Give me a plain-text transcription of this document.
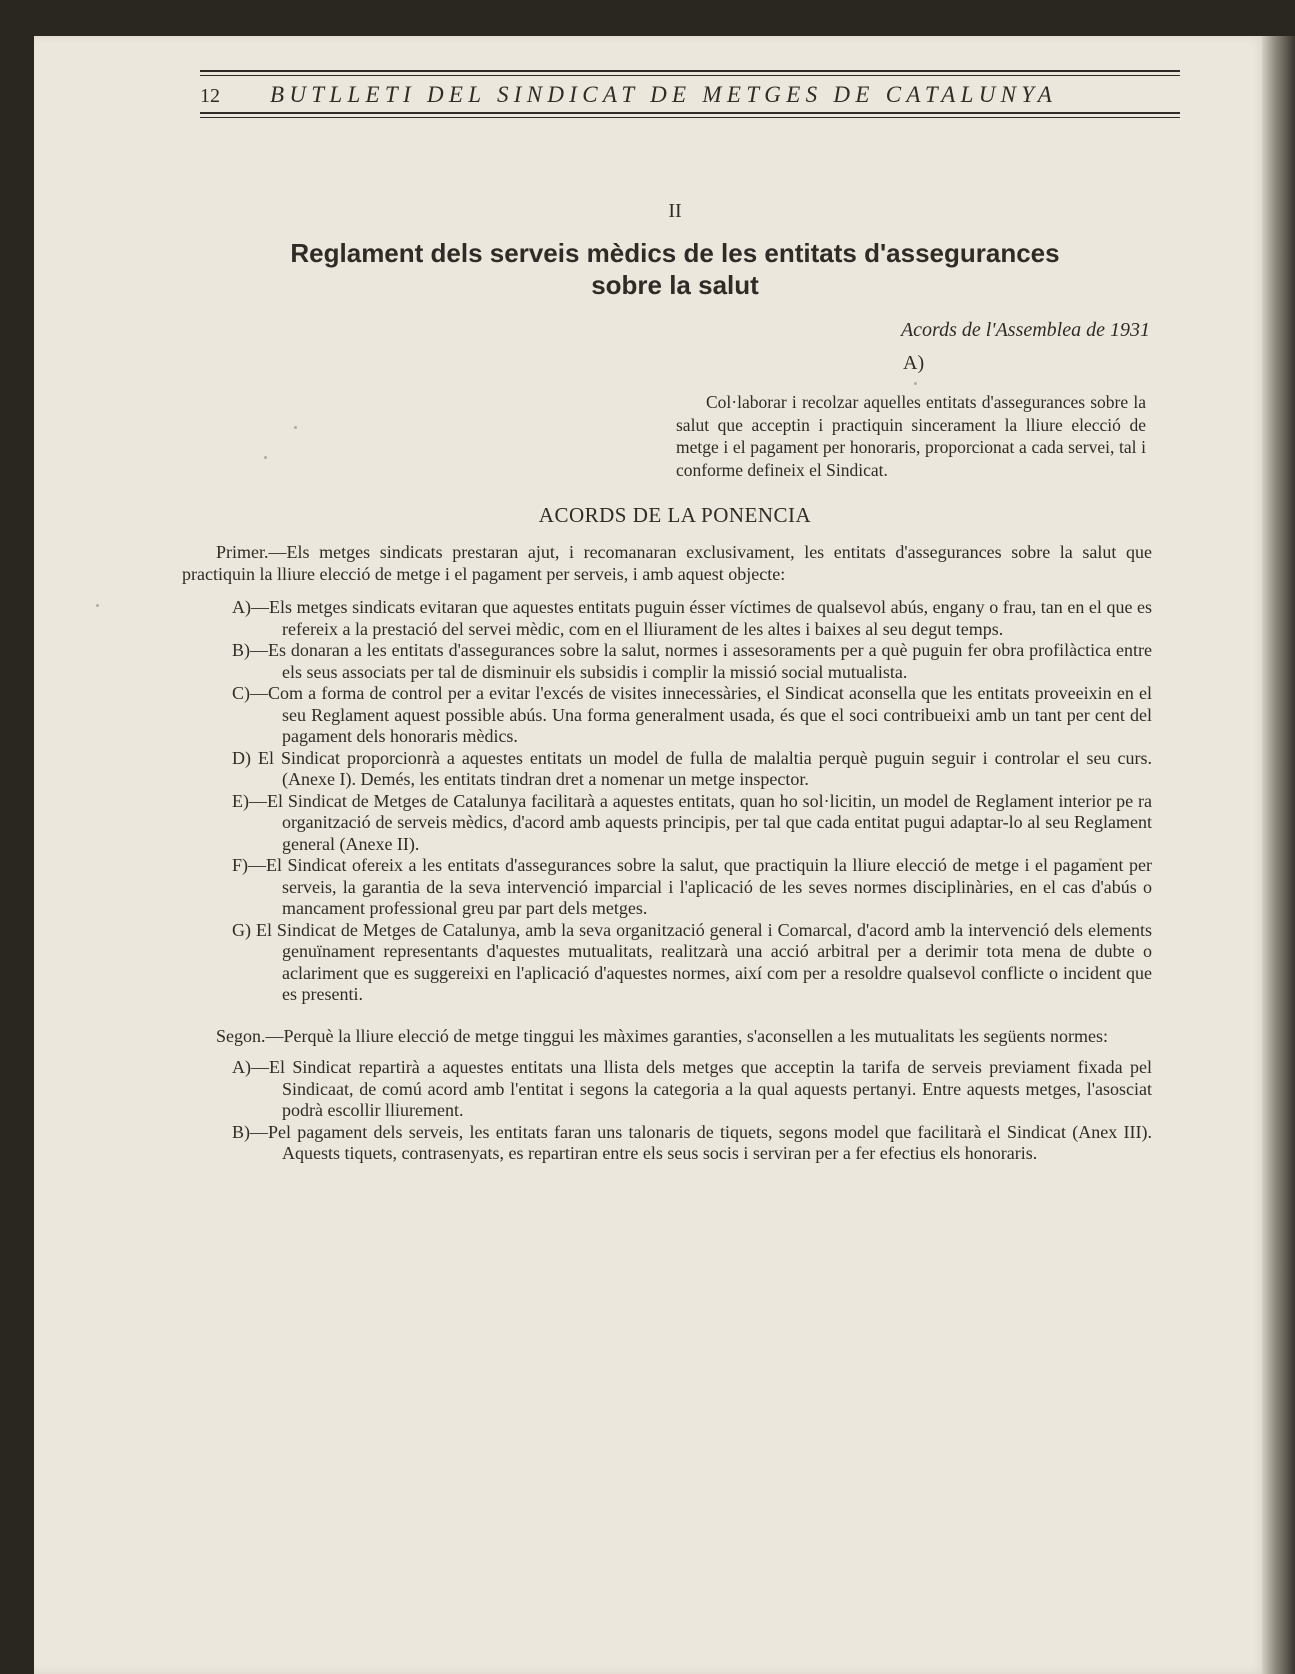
12	BUTLLETI DEL SINDICAT DE METGES DE CATALUNYA
II
Reglament dels serveis mèdics de les entitats d'assegurances
sobre la salut
Acords de l'Assemblea de 1931
A)
Col·laborar i recolzar aquelles entitats d'assegurances sobre la salut que acceptin i practiquin sincerament la lliure elecció de metge i el pagament per honoraris, proporcionat a cada servei, tal i conforme defineix el Sindicat.
ACORDS DE LA PONENCIA
Primer.—Els metges sindicats prestaran ajut, i recomanaran exclusivament, les entitats d'assegurances sobre la salut que practiquin la lliure elecció de metge i el pagament per serveis, i amb aquest objecte:
A)—Els metges sindicats evitaran que aquestes entitats puguin ésser víctimes de qualsevol abús, engany o frau, tan en el que es refereix a la prestació del servei mèdic, com en el lliurament de les altes i baixes al seu degut temps.
B)—Es donaran a les entitats d'assegurances sobre la salut, normes i assesoraments per a què puguin fer obra profilàctica entre els seus associats per tal de disminuir els subsidis i complir la missió social mutualista.
C)—Com a forma de control per a evitar l'excés de visites innecessàries, el Sindicat aconsella que les entitats proveeixin en el seu Reglament aquest possible abús. Una forma generalment usada, és que el soci contribueixi amb un tant per cent del pagament dels honoraris mèdics.
D) El Sindicat proporcionrà a aquestes entitats un model de fulla de malaltia perquè puguin seguir i controlar el seu curs. (Anexe I). Demés, les entitats tindran dret a nomenar un metge inspector.
E)—El Sindicat de Metges de Catalunya facilitarà a aquestes entitats, quan ho sol·licitin, un model de Reglament interior pe ra organització de serveis mèdics, d'acord amb aquests principis, per tal que cada entitat pugui adaptar-lo al seu Reglament general (Anexe II).
F)—El Sindicat ofereix a les entitats d'assegurances sobre la salut, que practiquin la lliure elecció de metge i el pagament per serveis, la garantia de la seva intervenció imparcial i l'aplicació de les seves normes disciplinàries, en el cas d'abús o mancament professional greu par part dels metges.
G) El Sindicat de Metges de Catalunya, amb la seva organització general i Comarcal, d'acord amb la intervenció dels elements genuïnament representants d'aquestes mutualitats, realitzarà una acció arbitral per a derimir tota mena de dubte o aclariment que es suggereixi en l'aplicació d'aquestes normes, així com per a resoldre qualsevol conflicte o incident que es presenti.
Segon.—Perquè la lliure elecció de metge tinggui les màximes garanties, s'aconsellen a les mutualitats les següents normes:
A)—El Sindicat repartirà a aquestes entitats una llista dels metges que acceptin la tarifa de serveis previament fixada pel Sindicaat, de comú acord amb l'entitat i segons la categoria a la qual aquests pertanyi. Entre aquests metges, l'asosciat podrà escollir lliurement.
B)—Pel pagament dels serveis, les entitats faran uns talonaris de tiquets, segons model que facilitarà el Sindicat (Anex III). Aquests tiquets, contrasenyats, es repartiran entre els seus socis i serviran per a fer efectius els honoraris.
